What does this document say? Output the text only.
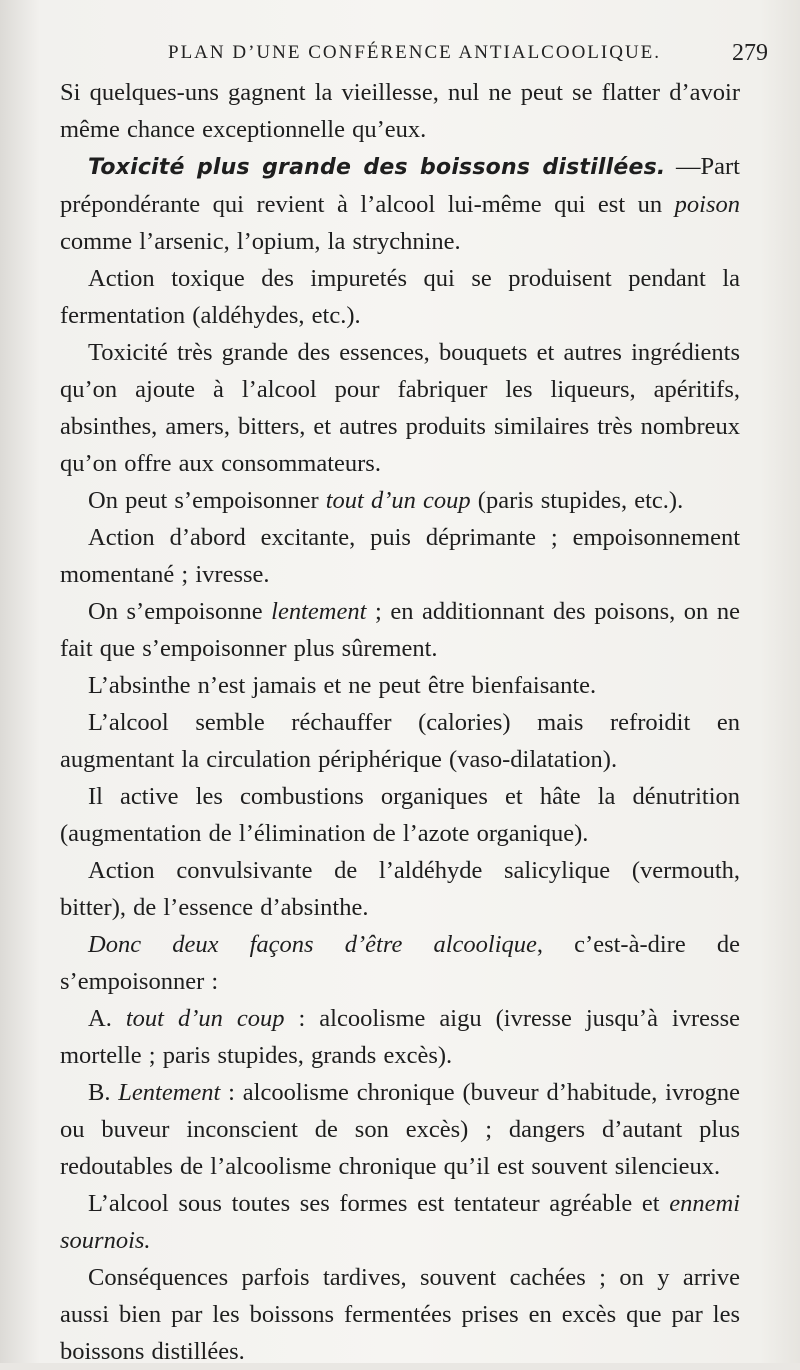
PLAN D’UNE CONFÉRENCE ANTIALCOOLIQUE.	279

Si quelques-uns gagnent la vieillesse, nul ne peut se flatter d’avoir même chance exceptionnelle qu’eux.

Toxicité plus grande des boissons distillées. —Part prépondérante qui revient à l’alcool lui-même qui est un poison comme l’arsenic, l’opium, la strychnine.

Action toxique des impuretés qui se produisent pendant la fermentation (aldéhydes, etc.).

Toxicité très grande des essences, bouquets et autres ingrédients qu’on ajoute à l’alcool pour fabriquer les liqueurs, apéritifs, absinthes, amers, bitters, et autres produits similaires très nombreux qu’on offre aux consommateurs.

On peut s’empoisonner tout d’un coup (paris stupides, etc.).

Action d’abord excitante, puis déprimante ; empoisonnement momentané ; ivresse.

On s’empoisonne lentement ; en additionnant des poisons, on ne fait que s’empoisonner plus sûrement.

L’absinthe n’est jamais et ne peut être bienfaisante.

L’alcool semble réchauffer (calories) mais refroidit en augmentant la circulation périphérique (vaso-dilatation).

Il active les combustions organiques et hâte la dénutrition (augmentation de l’élimination de l’azote organique).

Action convulsivante de l’aldéhyde salicylique (vermouth, bitter), de l’essence d’absinthe.

Donc deux façons d’être alcoolique, c’est-à-dire de s’empoisonner :

A. tout d’un coup : alcoolisme aigu (ivresse jusqu’à ivresse mortelle ; paris stupides, grands excès).

B. Lentement : alcoolisme chronique (buveur d’habitude, ivrogne ou buveur inconscient de son excès) ; dangers d’autant plus redoutables de l’alcoolisme chronique qu’il est souvent silencieux.

L’alcool sous toutes ses formes est tentateur agréable et ennemi sournois.

Conséquences parfois tardives, souvent cachées ; on y arrive aussi bien par les boissons fermentées prises en excès que par les boissons distillées.
